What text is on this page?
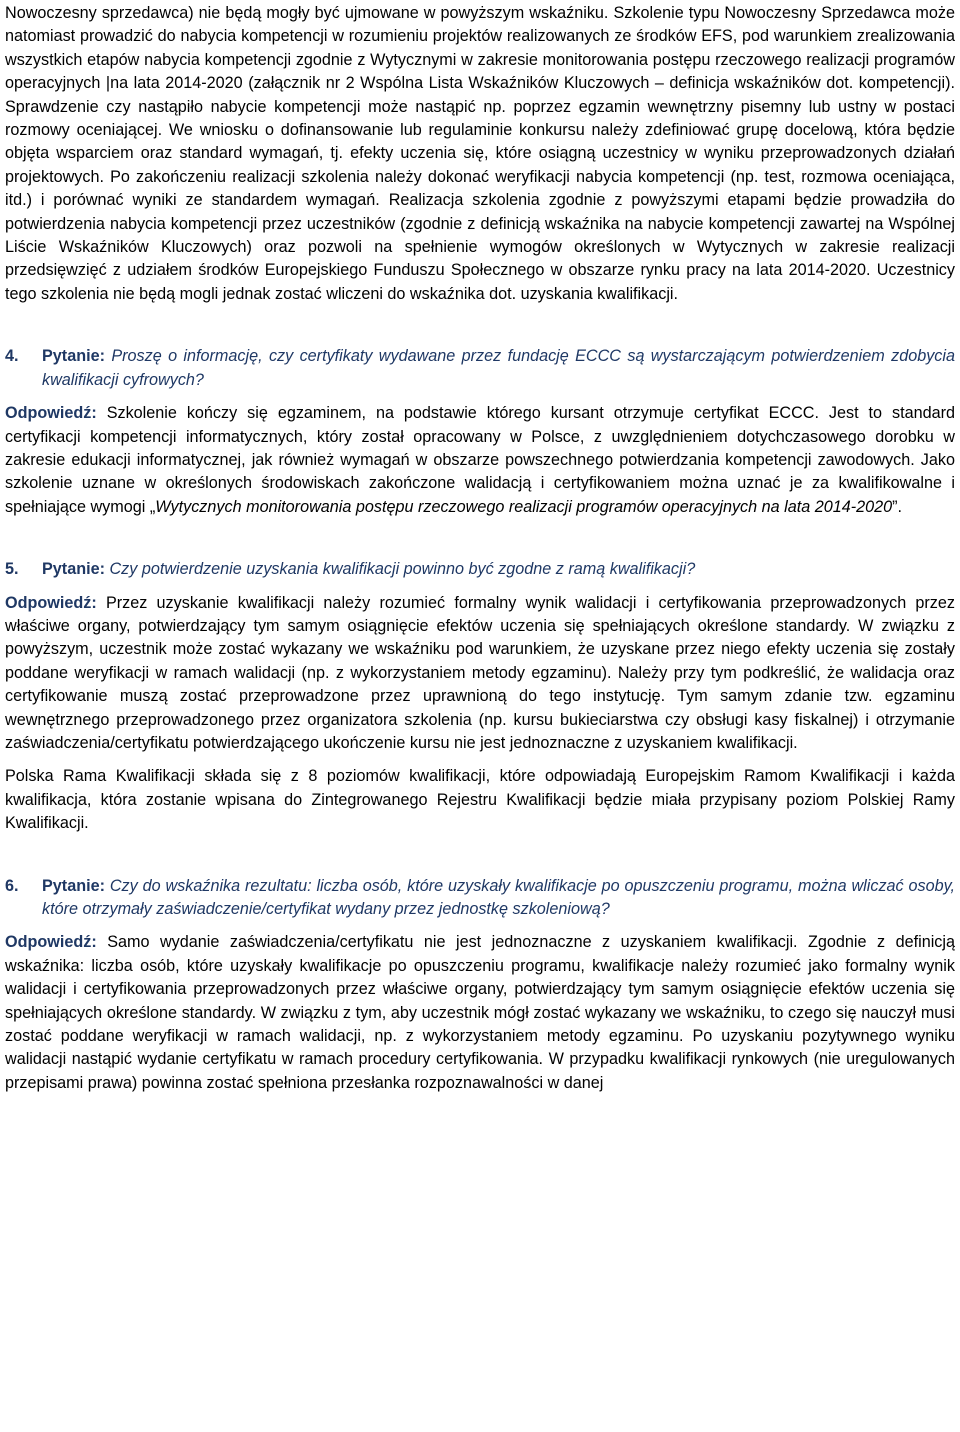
Nowoczesny sprzedawca) nie będą mogły być ujmowane w powyższym wskaźniku. Szkolenie typu Nowoczesny Sprzedawca może natomiast prowadzić do nabycia kompetencji w rozumieniu projektów realizowanych ze środków EFS, pod warunkiem zrealizowania wszystkich etapów nabycia kompetencji zgodnie z Wytycznymi w zakresie monitorowania postępu rzeczowego realizacji programów operacyjnych |na lata 2014-2020 (załącznik nr 2 Wspólna Lista Wskaźników Kluczowych – definicja wskaźników dot. kompetencji). Sprawdzenie czy nastąpiło nabycie kompetencji może nastąpić np. poprzez egzamin wewnętrzny pisemny lub ustny w postaci rozmowy oceniającej. We wniosku o dofinansowanie lub regulaminie konkursu należy zdefiniować grupę docelową, która będzie objęta wsparciem oraz standard wymagań, tj. efekty uczenia się, które osiągną uczestnicy w wyniku przeprowadzonych działań projektowych. Po zakończeniu realizacji szkolenia należy dokonać weryfikacji nabycia kompetencji (np. test, rozmowa oceniająca, itd.) i porównać wyniki ze standardem wymagań. Realizacja szkolenia zgodnie z powyższymi etapami będzie prowadziła do potwierdzenia nabycia kompetencji przez uczestników (zgodnie z definicją wskaźnika na nabycie kompetencji zawartej na Wspólnej Liście Wskaźników Kluczowych) oraz pozwoli na spełnienie wymogów określonych w Wytycznych w zakresie realizacji przedsięwzięć z udziałem środków Europejskiego Funduszu Społecznego w obszarze rynku pracy na lata 2014-2020. Uczestnicy tego szkolenia nie będą mogli jednak zostać wliczeni do wskaźnika dot. uzyskania kwalifikacji.

4.	Pytanie: Proszę o informację, czy certyfikaty wydawane przez fundację ECCC są wystarczającym potwierdzeniem zdobycia kwalifikacji cyfrowych?

Odpowiedź: Szkolenie kończy się egzaminem, na podstawie którego kursant otrzymuje certyfikat ECCC. Jest to standard certyfikacji kompetencji informatycznych, który został opracowany w Polsce, z uwzględnieniem dotychczasowego dorobku w zakresie edukacji informatycznej, jak również wymagań w obszarze powszechnego potwierdzania kompetencji zawodowych. Jako szkolenie uznane w określonych środowiskach zakończone walidacją i certyfikowaniem można uznać je za kwalifikowalne i spełniające wymogi „Wytycznych monitorowania postępu rzeczowego realizacji programów operacyjnych na lata 2014-2020”.

5.	Pytanie: Czy potwierdzenie uzyskania kwalifikacji powinno być zgodne z ramą kwalifikacji?

Odpowiedź: Przez uzyskanie kwalifikacji należy rozumieć formalny wynik walidacji i certyfikowania przeprowadzonych przez właściwe organy, potwierdzający tym samym osiągnięcie efektów uczenia się spełniających określone standardy. W związku z powyższym, uczestnik może zostać wykazany we wskaźniku pod warunkiem, że uzyskane przez niego efekty uczenia się zostały poddane weryfikacji w ramach walidacji (np. z wykorzystaniem metody egzaminu). Należy przy tym podkreślić, że walidacja oraz certyfikowanie muszą zostać przeprowadzone przez uprawnioną do tego instytucję. Tym samym zdanie tzw. egzaminu wewnętrznego przeprowadzonego przez organizatora szkolenia (np. kursu bukieciarstwa czy obsługi kasy fiskalnej) i otrzymanie zaświadczenia/certyfikatu potwierdzającego ukończenie kursu nie jest jednoznaczne z uzyskaniem kwalifikacji.

Polska Rama Kwalifikacji składa się z 8 poziomów kwalifikacji, które odpowiadają Europejskim Ramom Kwalifikacji i każda kwalifikacja, która zostanie wpisana do Zintegrowanego Rejestru Kwalifikacji będzie miała przypisany poziom Polskiej Ramy Kwalifikacji.

6.	Pytanie: Czy do wskaźnika rezultatu: liczba osób, które uzyskały kwalifikacje po opuszczeniu programu, można wliczać osoby, które otrzymały zaświadczenie/certyfikat wydany przez jednostkę szkoleniową?

Odpowiedź: Samo wydanie zaświadczenia/certyfikatu nie jest jednoznaczne z uzyskaniem kwalifikacji. Zgodnie z definicją wskaźnika: liczba osób, które uzyskały kwalifikacje po opuszczeniu programu, kwalifikacje należy rozumieć jako formalny wynik walidacji i certyfikowania przeprowadzonych przez właściwe organy, potwierdzający tym samym osiągnięcie efektów uczenia się spełniających określone standardy. W związku z tym, aby uczestnik mógł zostać wykazany we wskaźniku, to czego się nauczył musi zostać poddane weryfikacji w ramach walidacji, np. z wykorzystaniem metody egzaminu. Po uzyskaniu pozytywnego wyniku walidacji nastąpić wydanie certyfikatu w ramach procedury certyfikowania. W przypadku kwalifikacji rynkowych (nie uregulowanych przepisami prawa) powinna zostać spełniona przesłanka rozpoznawalności w danej
